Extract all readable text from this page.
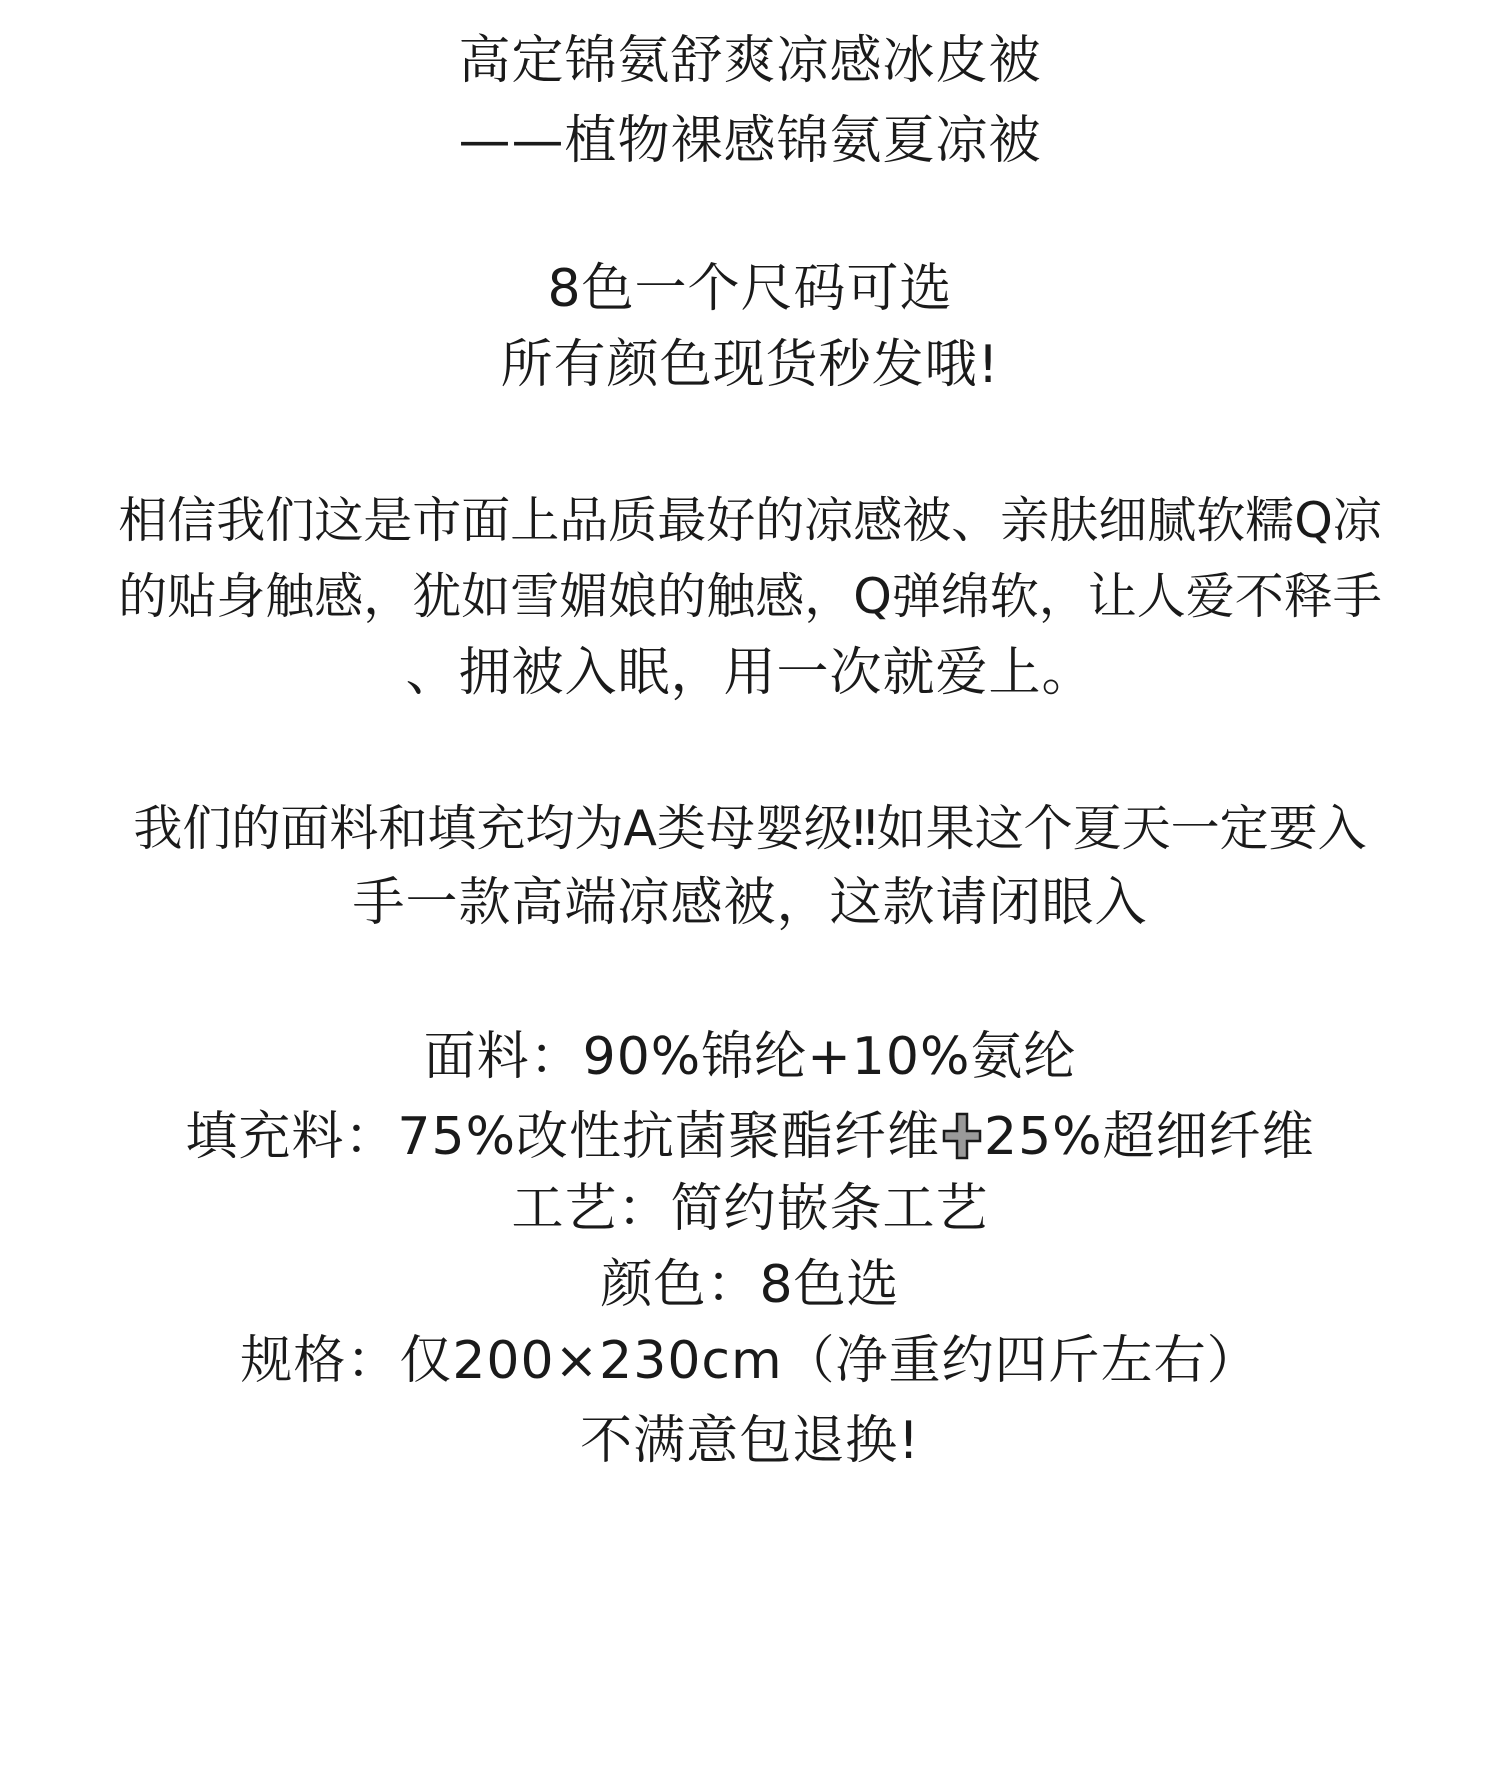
高定锦氨舒爽凉感冰皮被
——植物裸感锦氨夏凉被
8色一个尺码可选
所有颜色现货秒发哦!
相信我们这是市面上品质最好的凉感被、亲肤细腻软糯Q凉
的贴身触感，犹如雪媚娘的触感，Q弹绵软，让人爱不释手
、拥被入眠，用一次就爱上。
我们的面料和填充均为A类母婴级‼如果这个夏天一定要入
手一款高端凉感被，这款请闭眼入
面料：90%锦纶+10%氨纶
填充料：75%改性抗菌聚酯纤维 25%超细纤维
工艺：简约嵌条工艺
颜色：8色选
规格：仅200×230cm（净重约四斤左右）
不满意包退换!
